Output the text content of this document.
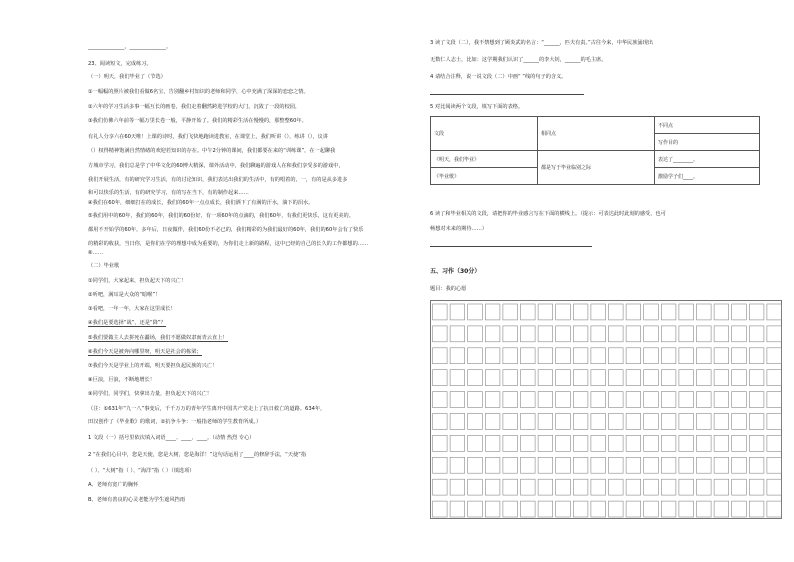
______________，______________。
23、阅读短文，完成练习。
（一）明天，我们毕业了（节选）
①一幅幅的照片被我们看做6名宝，告别翻乡村知识的老师和同学，心中充满了深深的恋恋之情。
②六年的学习生活多事一幅互长的画卷，我们走着翻然跨进学校的大门，沉敛了一段的校园，
③我们仿佛六年前等一幅万里长卷一般，平静开始了。我们的精彩生活在慢慢的，那整整60年。
有礼人分享六在60天唯！上课的诗时，我们飞快地跑读进教室，在课堂上，我们听讲（），练讲（），议讲
（）权得精神饱满自然情绪的欢迎若知识的存在。中午2分钟的课间，我们都要在来的“训练课”，在一起聊我
方城市学习，我们总是学了中华文化的60博大精深，课外活动中，我们聊遍的游戏人在和我们享受多的游戏中，
我们开展生活，有的研究学习生活，有的讨论知识，我们表达出我们的生活中，有的唱着的，一，有的是从多进多
和可以快乐的生活，有的研究学习，有的写在当下，有的制作起来……
④我们在60年，细细打在的成长，我们的60年一点点成长，我们洒下了有满的汗水，淌下的泪水。
⑤我们用中的60年，我们的60年，我们的60份好，有一项60年的点滴的，我们60年，有我们更快乐，这有更美的。
都用不开始学的60年，多年后，日夜做伴，我们60份不必已的，我们精彩的为我们最好的60年，我们的60年会有了快乐
的精彩的收获，当日你，是你们在学的理想中成为重要的，为你们走上新的路程，这中已经的自己的长久的工作都想的……
⑥……
（二）毕业歌
①同学们，大家起来，担负起天下的兴亡！
②听吧，满耳是大众的“暗喉”！
③看吧，一年一年，大家在这里成长！
④我们是要选择“战”，还是“降”？
⑤我们要做主人去拼死在疆场，我们不愿做奴隶而青云直上！
⑥我们今天是被奔向哪里呀，明天是社会的栋梁；
⑦我们今天是学业上的开端，明天要担负起民族的兴亡！
⑧巨浪，巨浪，不断地增长！
⑨同学们，同学们，快拿出力量，担负起天下的兴亡！
（注：①631年“九一八”事变后，千千万万的青年学生离开中国共产党走上了抗日救亡的道路。634年，
田汉创作了《毕业歌》的歌词，②抗争斗争：一般指老师的学生教育所成。）
1 文段（一）括号里依次填入词语____、____、____。（动情 热烈 专心）
2 “在我们心目中，您是天使，您是大树，您是海洋！”这句话运用了____的修辞手法，“天使”指
（ ）、“大树”指（ ）、“海洋”指（ ）（填选项）
A、老师有宽广的胸怀
B、老师有善良的心灵老能为学生遮风挡雨
3 读了文段（二），我不禁想到了顾炎武的名言：“______，匹夫有责。”古往今来，中华民族涌现出
无数仁人志士，比如：这学期我们认识了______的李大钊，______的毛主席。
4 请结合注释，说一说文段（二）中画“ ”线的句子的含义。
5 对比阅读两个文段，填写下面的表格。
文段	相同点	不同点
		写作目的
《明天，我们毕业》	都是写于毕业临别之际	表达了________。
《毕业歌》		激励学子们____。
6 读了和毕业相关的文段，请把你的毕业感言写在下面的横线上。（提示：可表达此时此刻的感受，也可
畅想对未来的期待……）
五、习作（30分）
题目：我的心愿
